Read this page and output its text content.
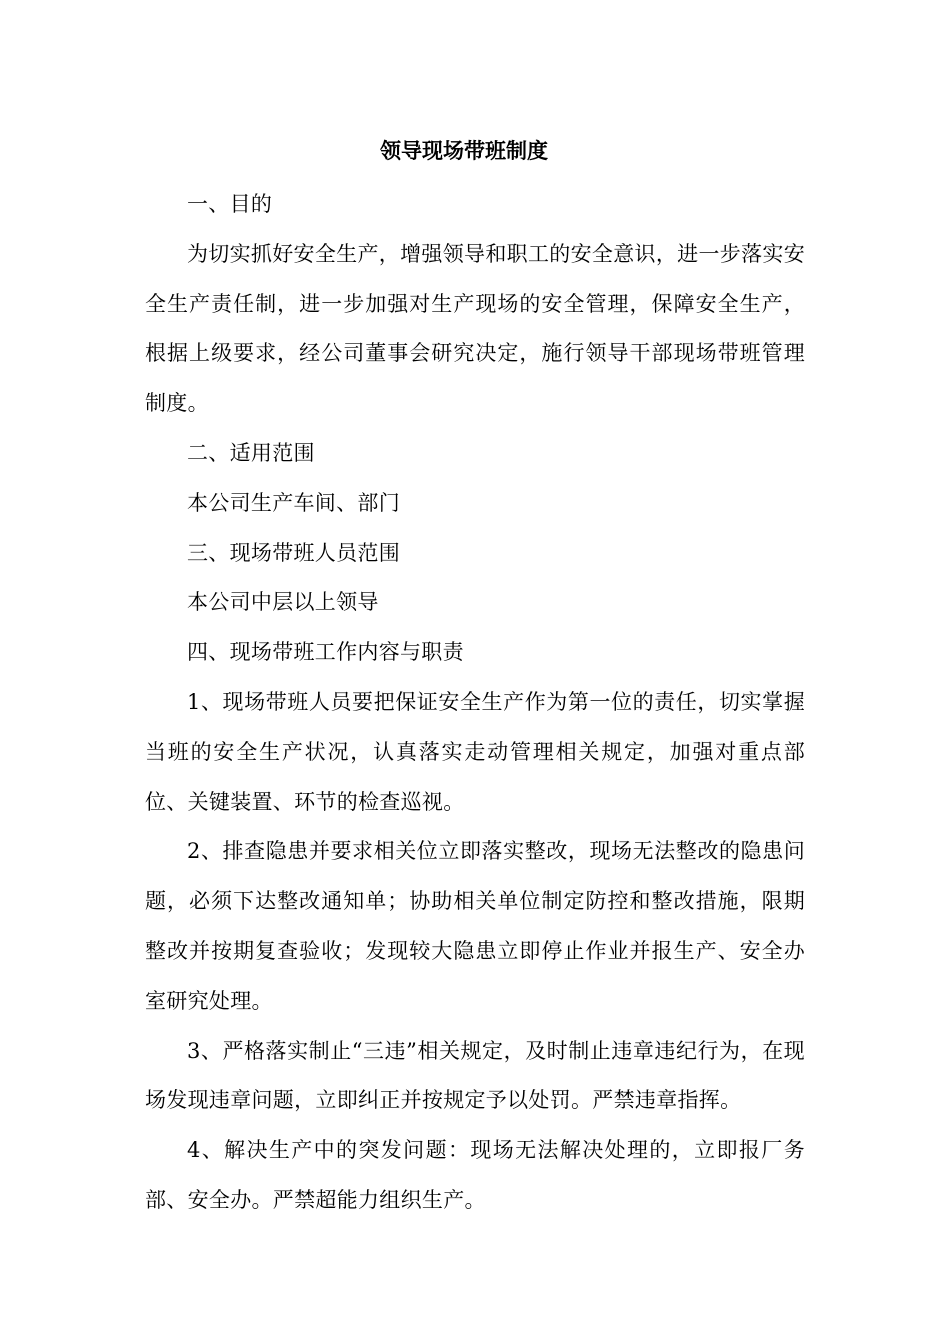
领导现场带班制度

一、目的

为切实抓好安全生产，增强领导和职工的安全意识，进一步落实安全生产责任制，进一步加强对生产现场的安全管理，保障安全生产，根据上级要求，经公司董事会研究决定，施行领导干部现场带班管理制度。

二、适用范围

本公司生产车间、部门

三、现场带班人员范围

本公司中层以上领导

四、现场带班工作内容与职责

1、现场带班人员要把保证安全生产作为第一位的责任，切实掌握当班的安全生产状况，认真落实走动管理相关规定，加强对重点部位、关键装置、环节的检查巡视。

2、排查隐患并要求相关位立即落实整改，现场无法整改的隐患问题，必须下达整改通知单；协助相关单位制定防控和整改措施，限期整改并按期复查验收；发现较大隐患立即停止作业并报生产、安全办室研究处理。

3、严格落实制止“三违”相关规定，及时制止违章违纪行为，在现场发现违章问题，立即纠正并按规定予以处罚。严禁违章指挥。

4、解决生产中的突发问题：现场无法解决处理的，立即报厂务部、安全办。严禁超能力组织生产。
